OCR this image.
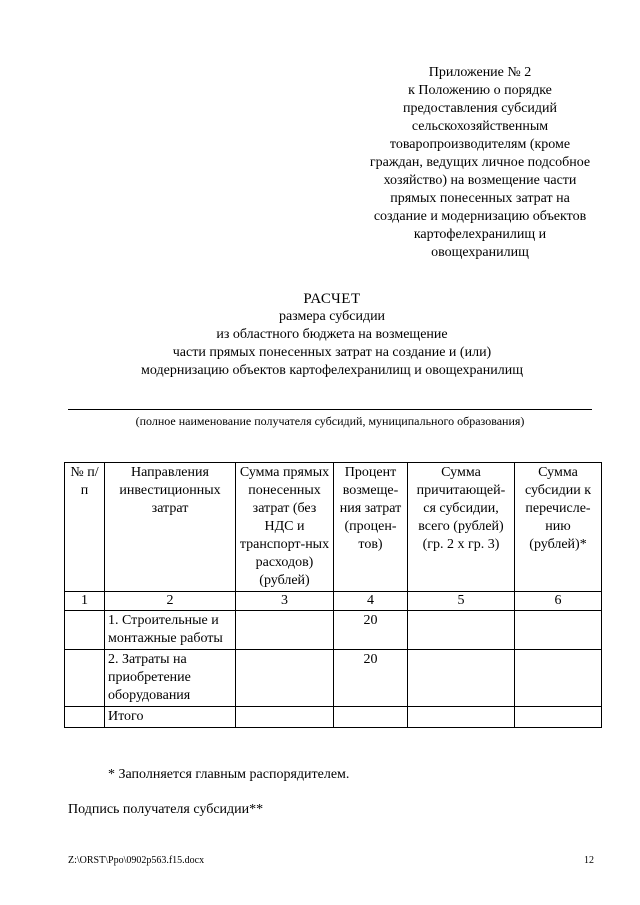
Приложение № 2
к Положению о порядке
предоставления субсидий
сельскохозяйственным
товаропроизводителям (кроме
граждан, ведущих личное подсобное
хозяйство) на возмещение части
прямых понесенных затрат на
создание и модернизацию объектов
картофелехранилищ и
овощехранилищ
РАСЧЕТ
размера субсидии
из областного бюджета на возмещение
части прямых понесенных затрат на создание и (или)
модернизацию объектов картофелехранилищ и овощехранилищ
(полное наименование получателя субсидий, муниципального образования)
№ п/п	Направления инвестиционных затрат	Сумма прямых понесенных затрат (без НДС и транспорт-ных расходов) (рублей)	Процент возмеще-ния затрат (процен-тов)	Сумма причитающей-ся субсидии, всего (рублей) (гр. 2 х гр. 3)	Сумма субсидии к перечисле-нию (рублей)*
1	2	3	4	5	6
	1. Строительные и монтажные работы		20		
	2. Затраты на приобретение оборудования		20		
	Итого				
* Заполняется главным распорядителем.
Подпись получателя субсидии**
Z:\ORST\Ppo\0902p563.f15.docx	12
